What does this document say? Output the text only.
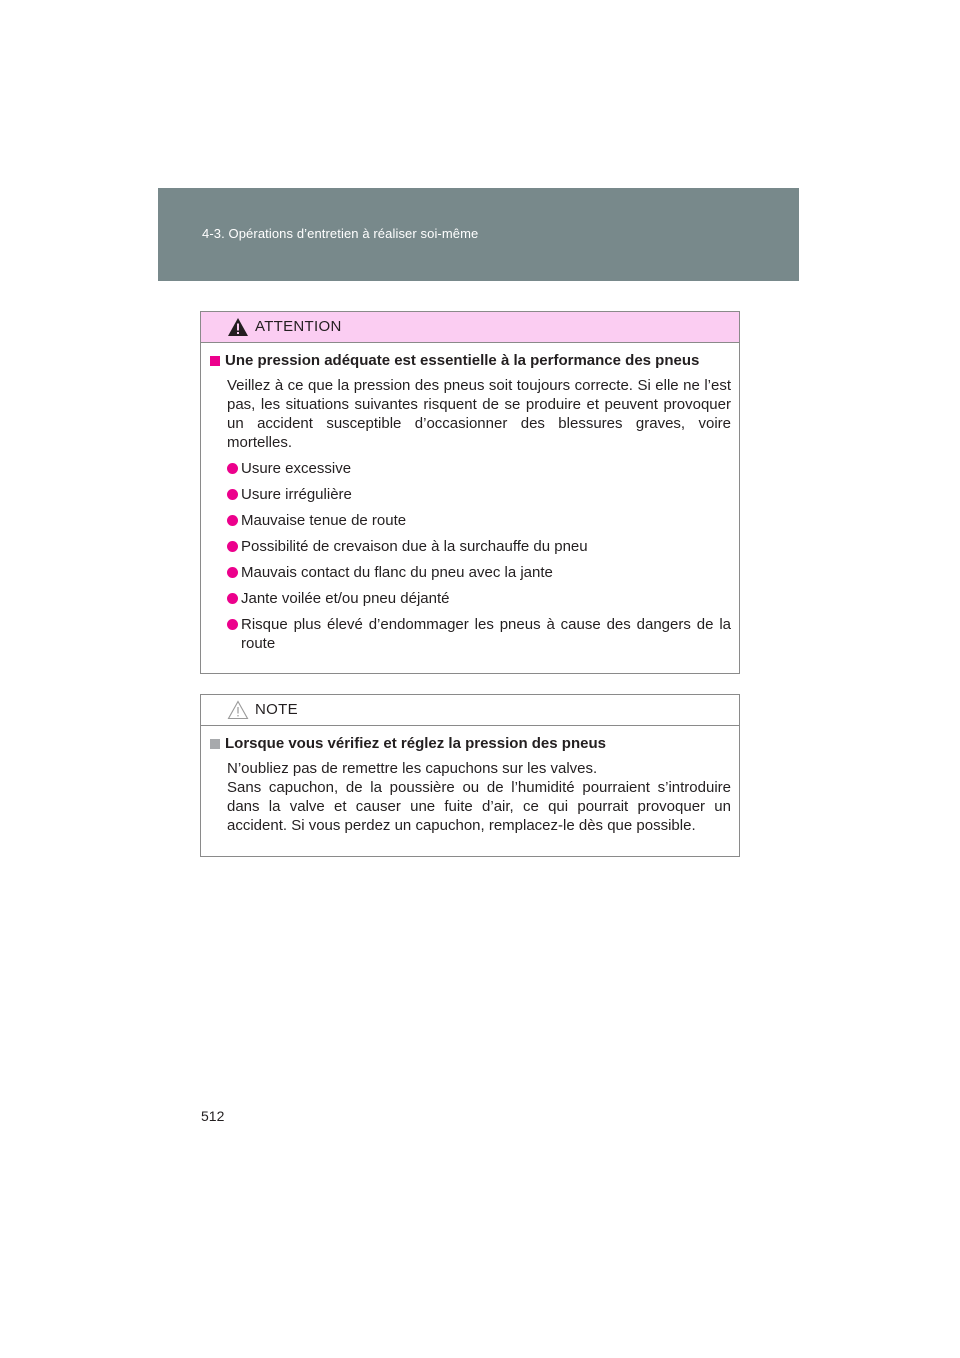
4-3. Opérations d’entretien à réaliser soi-même
ATTENTION
Une pression adéquate est essentielle à la performance des pneus

Veillez à ce que la pression des pneus soit toujours correcte. Si elle ne l’est pas, les situations suivantes risquent de se produire et peuvent provoquer un accident susceptible d’occasionner des blessures graves, voire mortelles.

Usure excessive
Usure irrégulière
Mauvaise tenue de route
Possibilité de crevaison due à la surchauffe du pneu
Mauvais contact du flanc du pneu avec la jante
Jante voilée et/ou pneu déjanté
Risque plus élevé d’endommager les pneus à cause des dangers de la route
NOTE
Lorsque vous vérifiez et réglez la pression des pneus

N’oubliez pas de remettre les capuchons sur les valves.
Sans capuchon, de la poussière ou de l’humidité pourraient s’introduire dans la valve et causer une fuite d’air, ce qui pourrait provoquer un accident. Si vous perdez un capuchon, remplacez-le dès que possible.

512
